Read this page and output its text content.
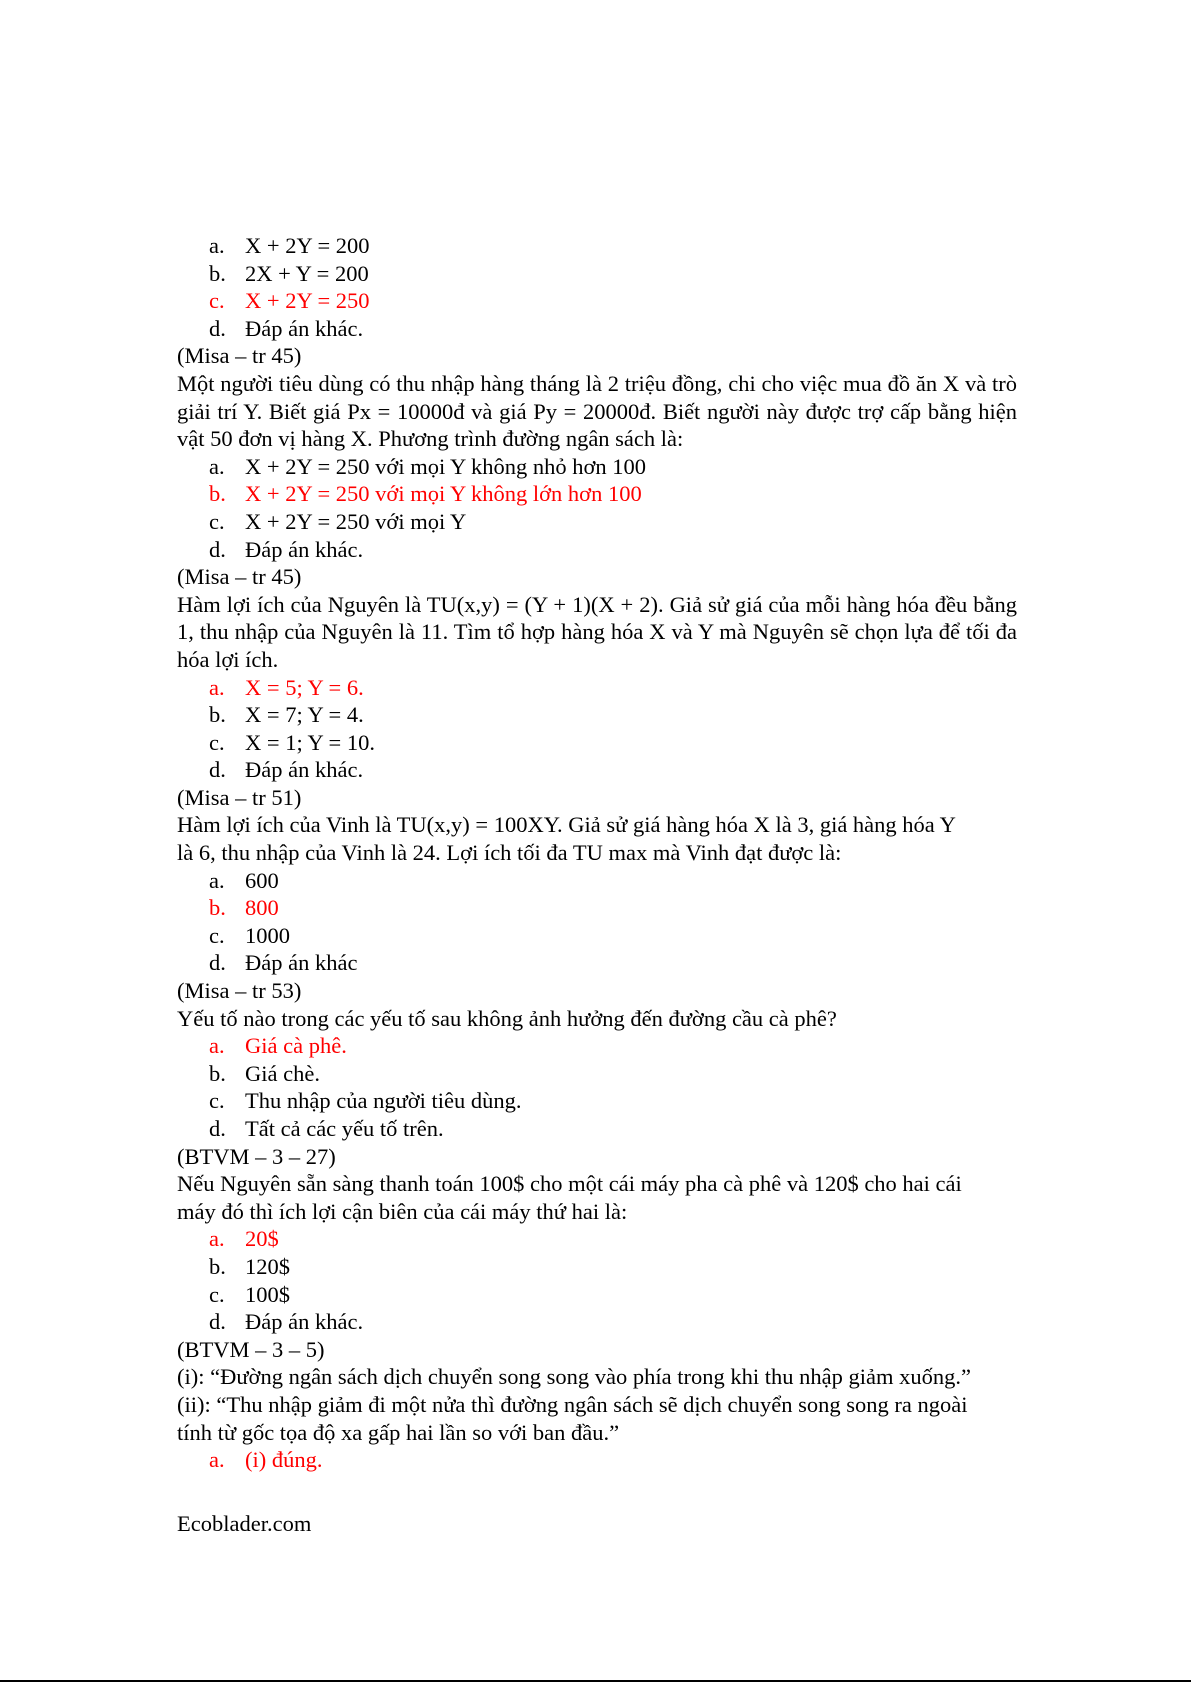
a. X + 2Y = 200

b. 2X + Y = 200

c. X + 2Y = 250

d. Đáp án khác.

(Misa – tr 45)

Một người tiêu dùng có thu nhập hàng tháng là 2 triệu đồng, chi cho việc mua đồ ăn X và trò giải trí Y. Biết giá Px = 10000đ và giá Py = 20000đ. Biết người này được trợ cấp bằng hiện vật 50 đơn vị hàng X. Phương trình đường ngân sách là:

a. X + 2Y = 250 với mọi Y không nhỏ hơn 100

b. X + 2Y = 250 với mọi Y không lớn hơn 100

c. X + 2Y = 250 với mọi Y

d. Đáp án khác.

(Misa – tr 45)

Hàm lợi ích của Nguyên là TU(x,y) = (Y + 1)(X + 2). Giả sử giá của mỗi hàng hóa đều bằng 1, thu nhập của Nguyên là 11. Tìm tổ hợp hàng hóa X và Y mà Nguyên sẽ chọn lựa để tối đa hóa lợi ích.

a. X = 5; Y = 6.

b. X = 7; Y = 4.

c. X = 1; Y = 10.

d. Đáp án khác.

(Misa – tr 51)

Hàm lợi ích của Vinh là TU(x,y) = 100XY. Giả sử giá hàng hóa X là 3, giá hàng hóa Y

là 6, thu nhập của Vinh là 24. Lợi ích tối đa TU max mà Vinh đạt được là:

a. 600

b. 800

c. 1000

d. Đáp án khác

(Misa – tr 53)

Yếu tố nào trong các yếu tố sau không ảnh hưởng đến đường cầu cà phê?

a. Giá cà phê.

b. Giá chè.

c. Thu nhập của người tiêu dùng.

d. Tất cả các yếu tố trên.

(BTVM – 3 – 27)

Nếu Nguyên sẵn sàng thanh toán 100$ cho một cái máy pha cà phê và 120$ cho hai cái

máy đó thì ích lợi cận biên của cái máy thứ hai là:

a. 20$

b. 120$

c. 100$

d. Đáp án khác.

(BTVM – 3 – 5)

(i): “Đường ngân sách dịch chuyển song song vào phía trong khi thu nhập giảm xuống.”

(ii): “Thu nhập giảm đi một nửa thì đường ngân sách sẽ dịch chuyển song song ra ngoài

tính từ gốc tọa độ xa gấp hai lần so với ban đầu.”

a. (i) đúng.

Ecoblader.com
